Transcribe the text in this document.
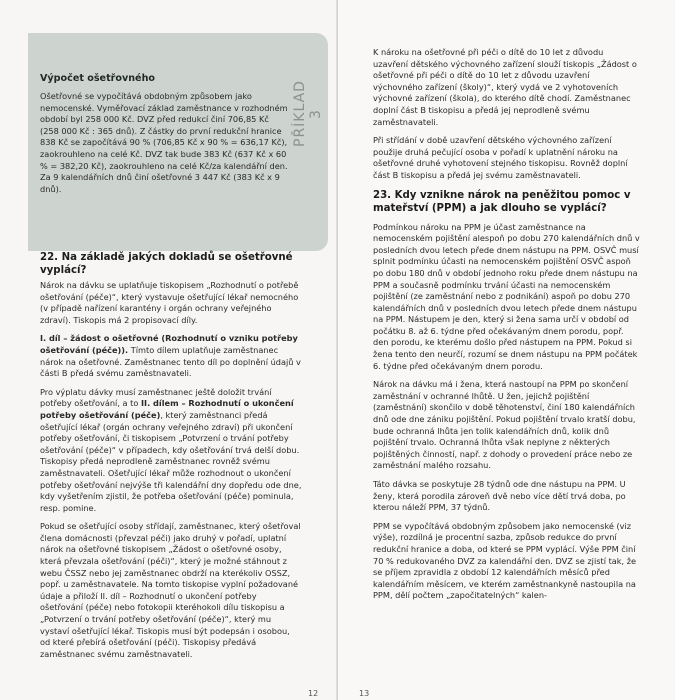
PŘÍKLAD 3

Výpočet ošetřovného

Ošetřovné se vypočítává obdobným způsobem jako nemocenské. Vyměřovací základ zaměstnance v rozhodném období byl 258 000 Kč. DVZ před redukcí činí 706,85 Kč (258 000 Kč : 365 dnů). Z částky do první redukční hranice 838 Kč se započítává 90 % (706,85 Kč x 90 % = 636,17 Kč), zaokrouhleno na celé Kč. DVZ tak bude 383 Kč (637 Kč x 60 % = 382,20 Kč), zaokrouhleno na celé Kč/za kalendářní den. Za 9 kalendářních dnů činí ošetřovné 3 447 Kč (383 Kč x 9 dnů).

22. Na základě jakých dokladů se ošetřovné vyplácí?

Nárok na dávku se uplatňuje tiskopisem „Rozhodnutí o potřebě ošetřování (péče)“, který vystavuje ošetřující lékař nemocného (v případě nařízení karantény i orgán ochrany veřejného zdraví). Tiskopis má 2 propisovací díly.

I. díl – žádost o ošetřovné (Rozhodnutí o vzniku potřeby ošetřování (péče)). Tímto dílem uplatňuje zaměstnanec nárok na ošetřovné. Zaměstnanec tento díl po doplnění údajů v části B předá svému zaměstnavateli.

Pro výplatu dávky musí zaměstnanec ještě doložit trvání potřeby ošetřování, a to II. dílem – Rozhodnutí o ukončení potřeby ošetřování (péče), který zaměstnanci předá ošetřující lékař (orgán ochrany veřejného zdraví) při ukončení potřeby ošetřování, či tiskopisem „Potvrzení o trvání potřeby ošetřování (péče)“ v případech, kdy ošetřování trvá delší dobu. Tiskopisy předá neprodleně zaměstnanec rovněž svému zaměstnavateli. Ošetřující lékař může rozhodnout o ukončení potřeby ošetřování nejvýše tři kalendářní dny dopředu ode dne, kdy vyšetřením zjistil, že potřeba ošetřování (péče) pominula, resp. pomine.

Pokud se ošetřující osoby střídají, zaměstnanec, který ošetřoval člena domácnosti (převzal péči) jako druhý v pořadí, uplatní nárok na ošetřovné tiskopisem „Žádost o ošetřovné osoby, která převzala ošetřování (péči)“, který je možné stáhnout z webu ČSSZ nebo jej zaměstnanec obdrží na kterékoliv OSSZ, popř. u zaměstnavatele. Na tomto tiskopise vyplní požadované údaje a přiloží II. díl – Rozhodnutí o ukončení potřeby ošetřování (péče) nebo fotokopii kteréhokoli dílu tiskopisu a „Potvrzení o trvání potřeby ošetřování (péče)“, který mu vystaví ošetřující lékař. Tiskopis musí být podepsán i osobou, od které přebírá ošetřování (péči). Tiskopisy předává zaměstnanec svému zaměstnavateli.

12

K nároku na ošetřovné při péči o dítě do 10 let z důvodu uzavření dětského výchovného zařízení slouží tiskopis „Žádost o ošetřovné při péči o dítě do 10 let z důvodu uzavření výchovného zařízení (školy)“, který vydá ve 2 vyhotoveních výchovné zařízení (škola), do kterého dítě chodí. Zaměstnanec doplní část B tiskopisu a předá jej neprodleně svému zaměstnavateli.

Při střídání v době uzavření dětského výchovného zařízení použije druhá pečující osoba v pořadí k uplatnění nároku na ošetřovné druhé vyhotovení stejného tiskopisu. Rovněž doplní část B tiskopisu a předá jej svému zaměstnavateli.

23. Kdy vznikne nárok na peněžitou pomoc v mateřství (PPM) a jak dlouho se vyplácí?

Podmínkou nároku na PPM je účast zaměstnance na nemocenském pojištění alespoň po dobu 270 kalendářních dnů v posledních dvou letech přede dnem nástupu na PPM. OSVČ musí splnit podmínku účasti na nemocenském pojištění OSVČ aspoň po dobu 180 dnů v období jednoho roku přede dnem nástupu na PPM a současně podmínku trvání účasti na nemocenském pojištění (ze zaměstnání nebo z podnikání) aspoň po dobu 270 kalendářních dnů v posledních dvou letech přede dnem nástupu na PPM. Nástupem je den, který si žena sama určí v období od počátku 8. až 6. týdne před očekávaným dnem porodu, popř. den porodu, ke kterému došlo před nástupem na PPM. Pokud si žena tento den neurčí, rozumí se dnem nástupu na PPM počátek 6. týdne před očekávaným dnem porodu.

Nárok na dávku má i žena, která nastoupí na PPM po skončení zaměstnání v ochranné lhůtě. U žen, jejichž pojištění (zaměstnání) skončilo v době těhotenství, činí 180 kalendářních dnů ode dne zániku pojištění. Pokud pojištění trvalo kratší dobu, bude ochranná lhůta jen tolik kalendářních dnů, kolik dnů pojištění trvalo. Ochranná lhůta však neplyne z některých pojištěných činností, např. z dohody o provedení práce nebo ze zaměstnání malého rozsahu.

Táto dávka se poskytuje 28 týdnů ode dne nástupu na PPM. U ženy, která porodila zároveň dvě nebo více dětí trvá doba, po kterou náleží PPM, 37 týdnů.

PPM se vypočítává obdobným způsobem jako nemocenské (viz výše), rozdílná je procentní sazba, způsob redukce do první redukční hranice a doba, od které se PPM vyplácí. Výše PPM činí 70 % redukovaného DVZ za kalendářní den. DVZ se zjistí tak, že se příjem zpravidla z období 12 kalendářních měsíců před kalendářním měsícem, ve kterém zaměstnankyně nastoupila na PPM, dělí počtem „započitatelných“ kalen-

13
